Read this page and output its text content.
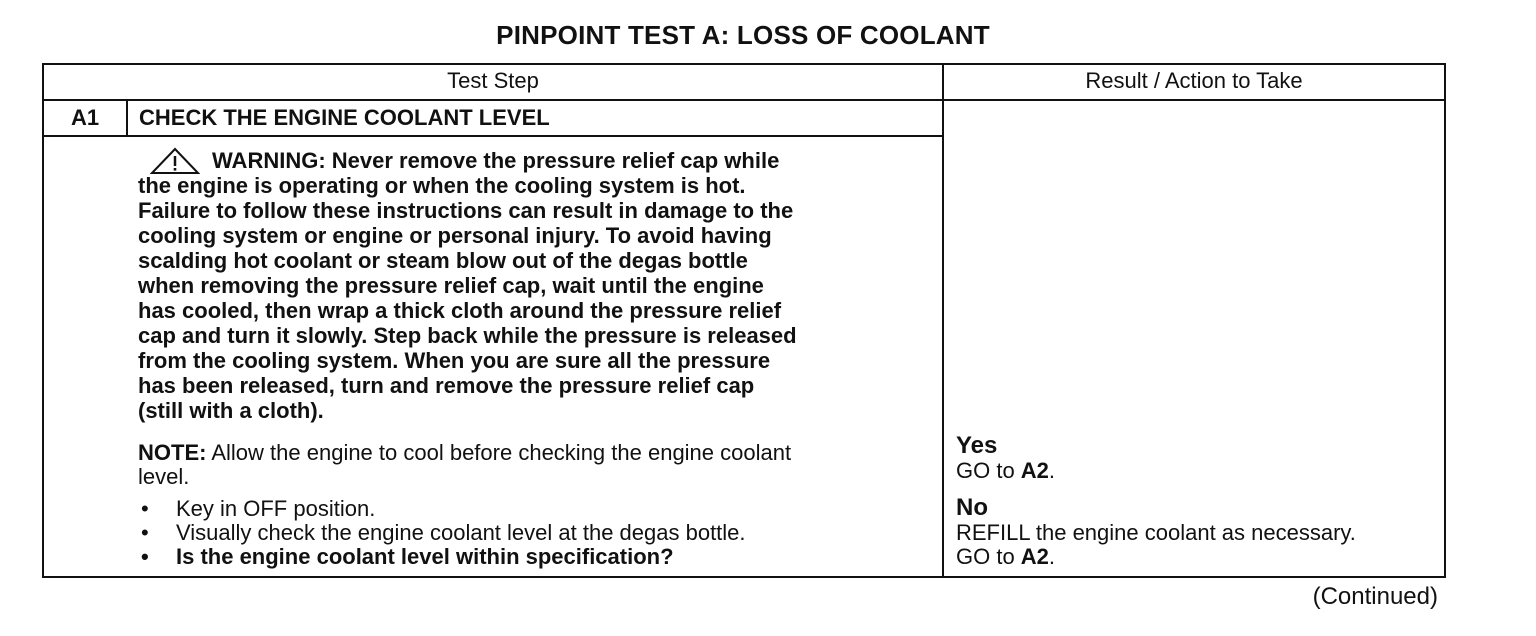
PINPOINT TEST A: LOSS OF COOLANT
Test Step	Result / Action to Take
A1	CHECK THE ENGINE COOLANT LEVEL
WARNING: Never remove the pressure relief cap while
the engine is operating or when the cooling system is hot.
Failure to follow these instructions can result in damage to the
cooling system or engine or personal injury. To avoid having
scalding hot coolant or steam blow out of the degas bottle
when removing the pressure relief cap, wait until the engine
has cooled, then wrap a thick cloth around the pressure relief
cap and turn it slowly. Step back while the pressure is released
from the cooling system. When you are sure all the pressure
has been released, turn and remove the pressure relief cap
(still with a cloth).
NOTE: Allow the engine to cool before checking the engine coolant
level.
• Key in OFF position.
• Visually check the engine coolant level at the degas bottle.
• Is the engine coolant level within specification?
Yes
GO to A2.
No
REFILL the engine coolant as necessary.
GO to A2.
(Continued)
